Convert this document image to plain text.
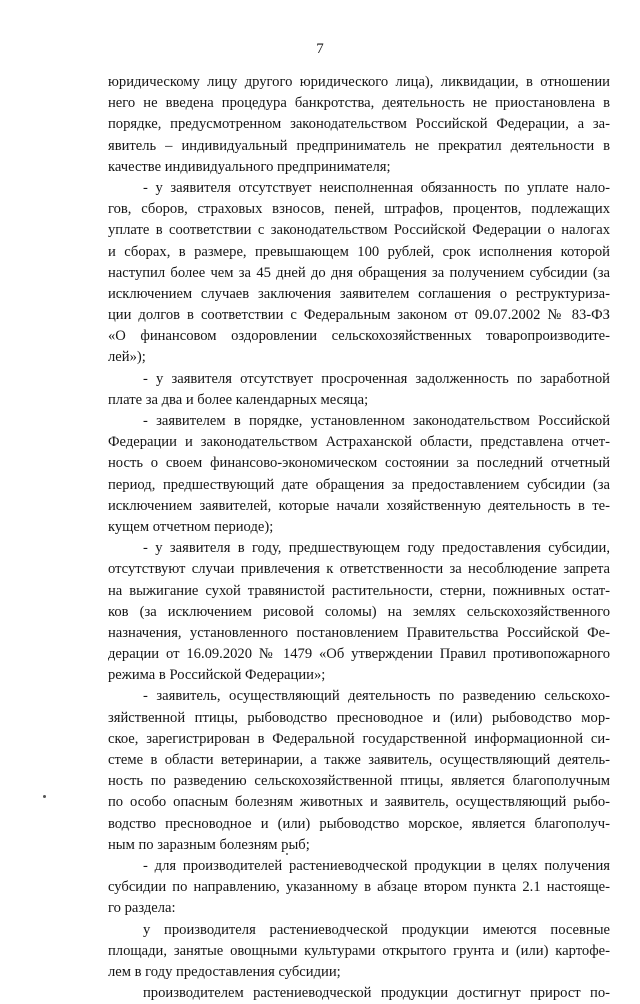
7
юридическому лицу другого юридического лица), ликвидации, в отношении
него не введена процедура банкротства, деятельность не приостановлена в
порядке, предусмотренном законодательством Российской Федерации, а за-
явитель – индивидуальный предприниматель не прекратил деятельности в
качестве индивидуального предпринимателя;
- у заявителя отсутствует неисполненная обязанность по уплате нало-
гов, сборов, страховых взносов, пеней, штрафов, процентов, подлежащих
уплате в соответствии с законодательством Российской Федерации о налогах
и сборах, в размере, превышающем 100 рублей, срок исполнения которой
наступил более чем за 45 дней до дня обращения за получением субсидии (за
исключением случаев заключения заявителем соглашения о реструктуриза-
ции долгов в соответствии с Федеральным законом от 09.07.2002 № 83-ФЗ
«О финансовом оздоровлении сельскохозяйственных товаропроизводите-
лей»);
- у заявителя отсутствует просроченная задолженность по заработной
плате за два и более календарных месяца;
- заявителем в порядке, установленном законодательством Российской
Федерации и законодательством Астраханской области, представлена отчет-
ность о своем финансово-экономическом состоянии за последний отчетный
период, предшествующий дате обращения за предоставлением субсидии (за
исключением заявителей, которые начали хозяйственную деятельность в те-
кущем отчетном периоде);
- у заявителя в году, предшествующем году предоставления субсидии,
отсутствуют случаи привлечения к ответственности за несоблюдение запрета
на выжигание сухой травянистой растительности, стерни, пожнивных остат-
ков (за исключением рисовой соломы) на землях сельскохозяйственного
назначения, установленного постановлением Правительства Российской Фе-
дерации от 16.09.2020 № 1479 «Об утверждении Правил противопожарного
режима в Российской Федерации»;
- заявитель, осуществляющий деятельность по разведению сельскохо-
зяйственной птицы, рыбоводство пресноводное и (или) рыбоводство мор-
ское, зарегистрирован в Федеральной государственной информационной си-
стеме в области ветеринарии, а также заявитель, осуществляющий деятель-
ность по разведению сельскохозяйственной птицы, является благополучным
по особо опасным болезням животных и заявитель, осуществляющий рыбо-
водство пресноводное и (или) рыбоводство морское, является благополуч-
ным по заразным болезням рыб;
- для производителей растениеводческой продукции в целях получения
субсидии по направлению, указанному в абзаце втором пункта 2.1 настояще-
го раздела:
у производителя растениеводческой продукции имеются посевные
площади, занятые овощными культурами открытого грунта и (или) картофе-
лем в году предоставления субсидии;
производителем растениеводческой продукции достигнут прирост по-
